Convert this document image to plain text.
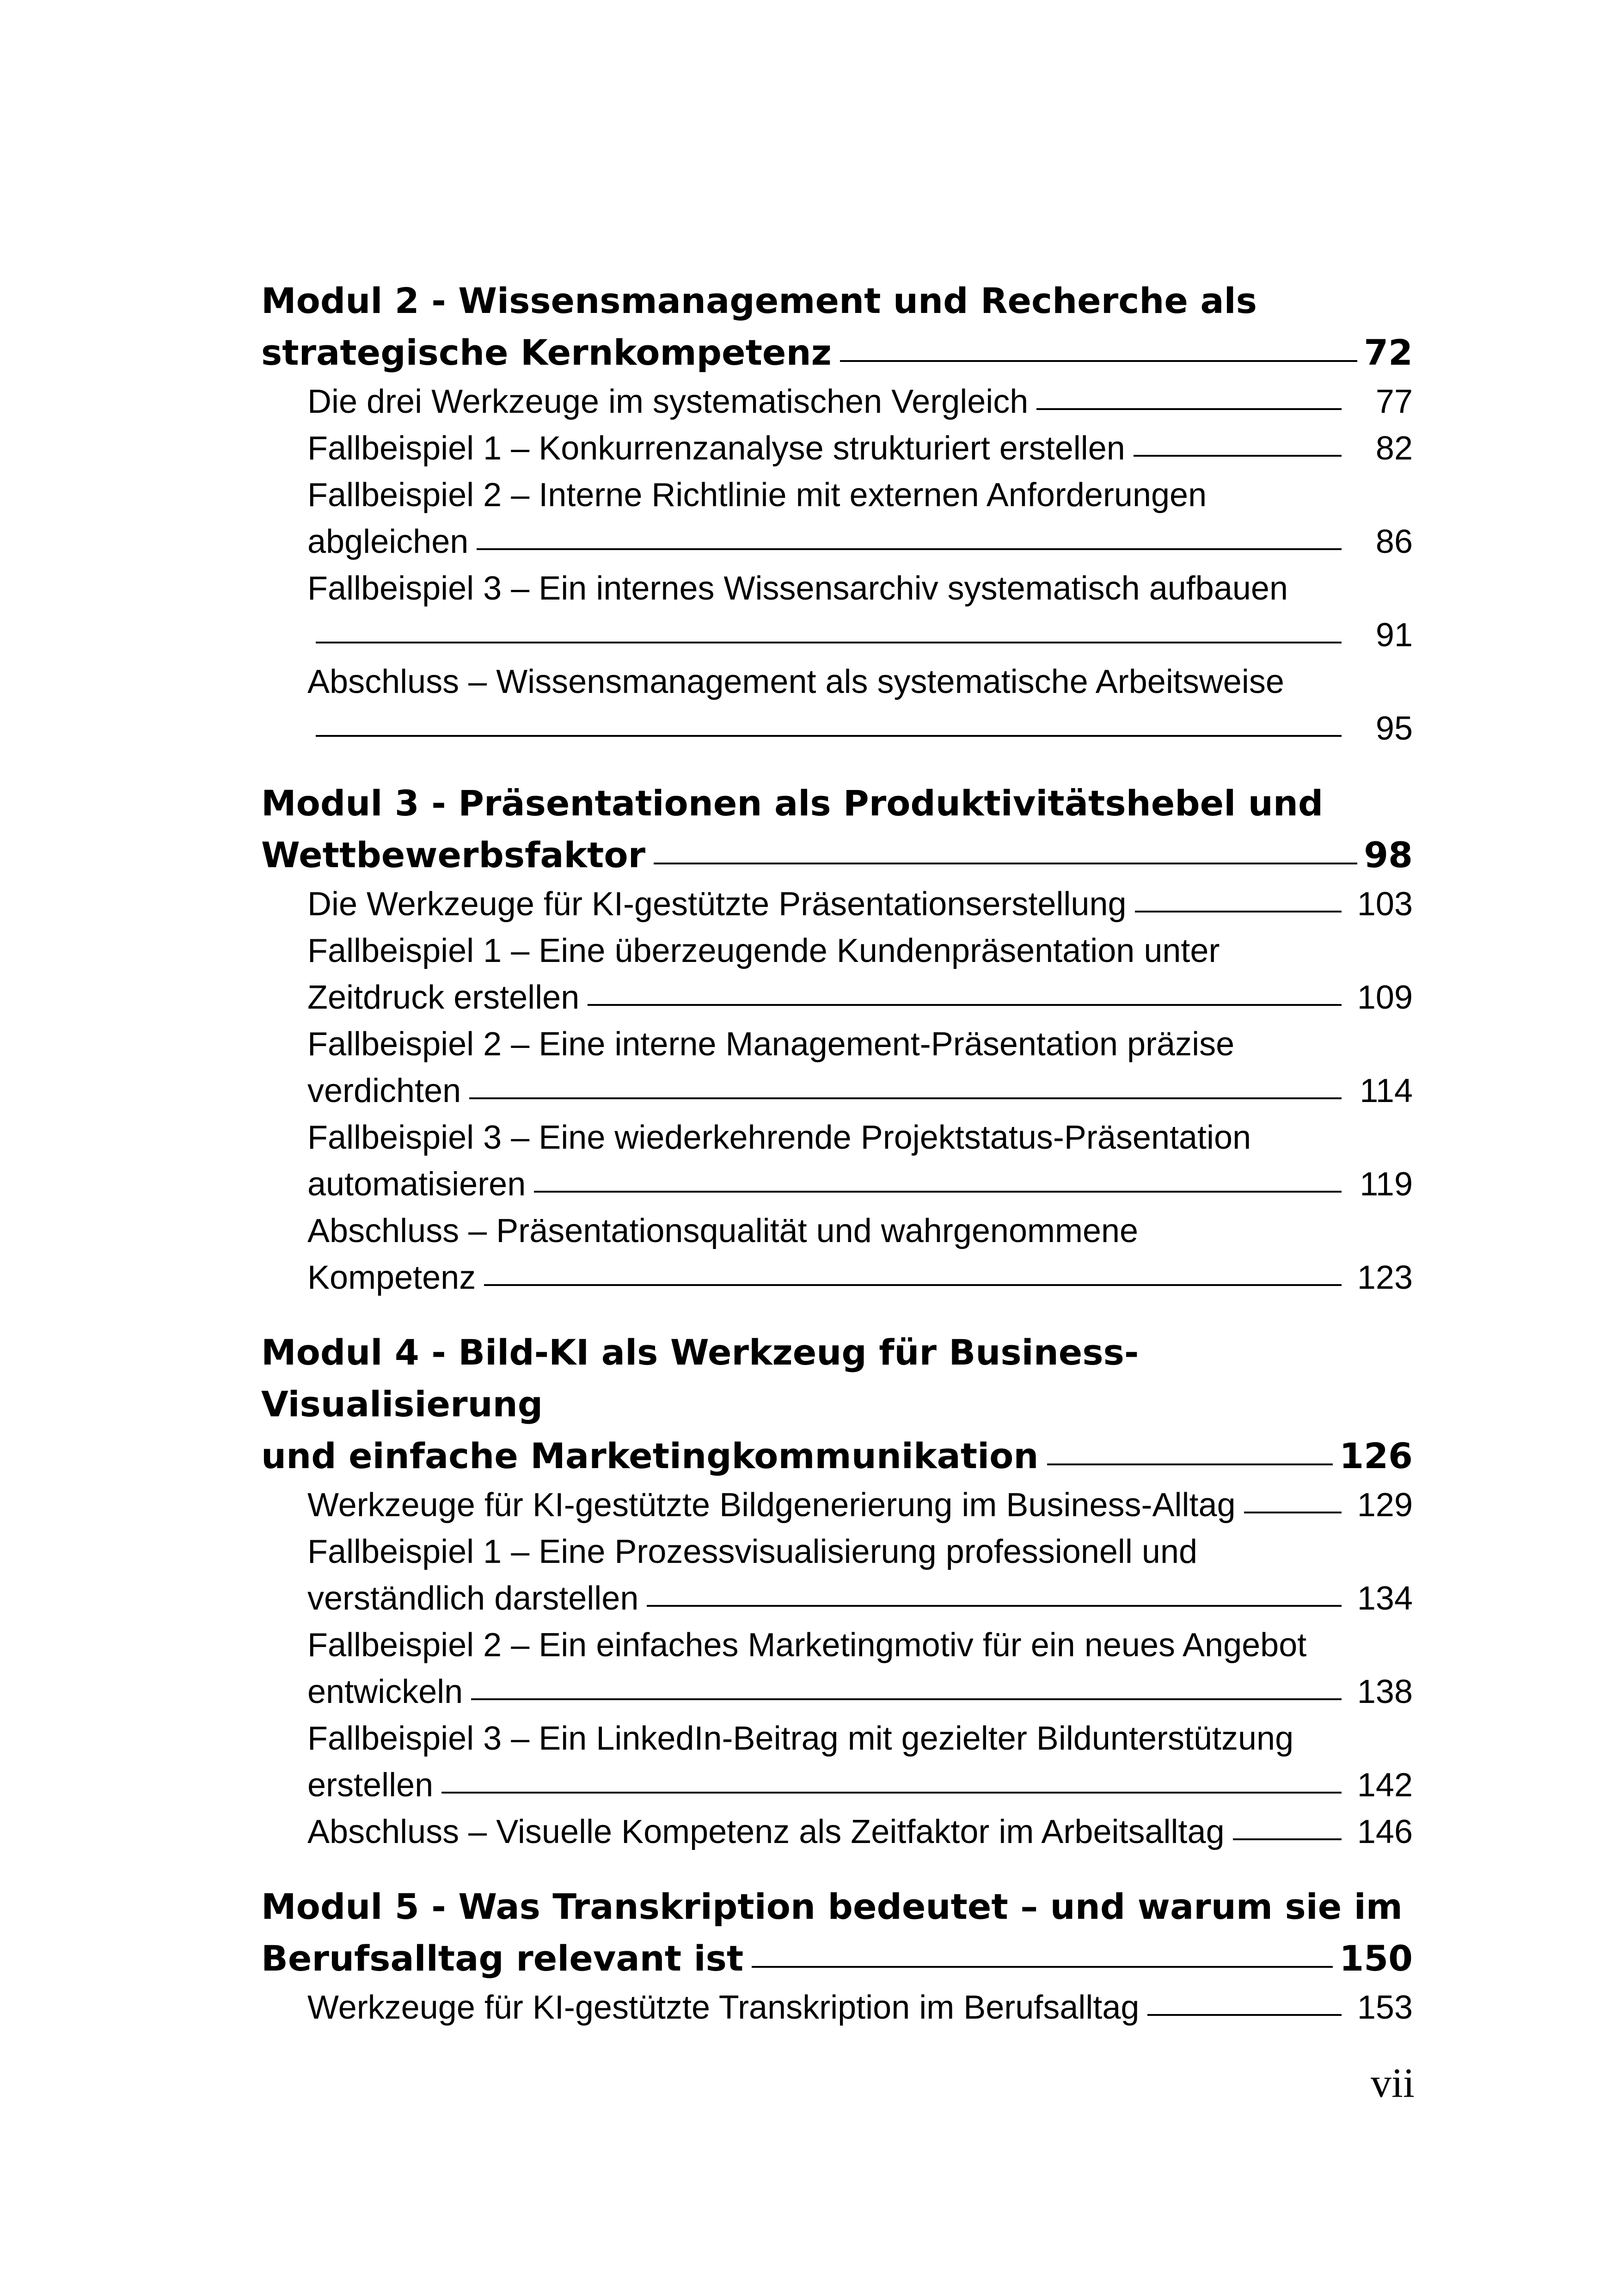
Modul 2 - Wissensmanagement und Recherche als
strategische Kernkompetenz	72
Die drei Werkzeuge im systematischen Vergleich	77
Fallbeispiel 1 – Konkurrenzanalyse strukturiert erstellen	82
Fallbeispiel 2 – Interne Richtlinie mit externen Anforderungen
abgleichen	86
Fallbeispiel 3 – Ein internes Wissensarchiv systematisch aufbauen
91
Abschluss – Wissensmanagement als systematische Arbeitsweise
95
Modul 3 - Präsentationen als Produktivitätshebel und
Wettbewerbsfaktor	98
Die Werkzeuge für KI-gestützte Präsentationserstellung	103
Fallbeispiel 1 – Eine überzeugende Kundenpräsentation unter
Zeitdruck erstellen	109
Fallbeispiel 2 – Eine interne Management-Präsentation präzise
verdichten	114
Fallbeispiel 3 – Eine wiederkehrende Projektstatus-Präsentation
automatisieren	119
Abschluss – Präsentationsqualität und wahrgenommene
Kompetenz	123
Modul 4 - Bild-KI als Werkzeug für Business-Visualisierung
und einfache Marketingkommunikation	126
Werkzeuge für KI-gestützte Bildgenerierung im Business-Alltag	129
Fallbeispiel 1 – Eine Prozessvisualisierung professionell und
verständlich darstellen	134
Fallbeispiel 2 – Ein einfaches Marketingmotiv für ein neues Angebot
entwickeln	138
Fallbeispiel 3 – Ein LinkedIn-Beitrag mit gezielter Bildunterstützung
erstellen	142
Abschluss – Visuelle Kompetenz als Zeitfaktor im Arbeitsalltag	146
Modul 5 - Was Transkription bedeutet – und warum sie im
Berufsalltag relevant ist	150
Werkzeuge für KI-gestützte Transkription im Berufsalltag	153
vii
